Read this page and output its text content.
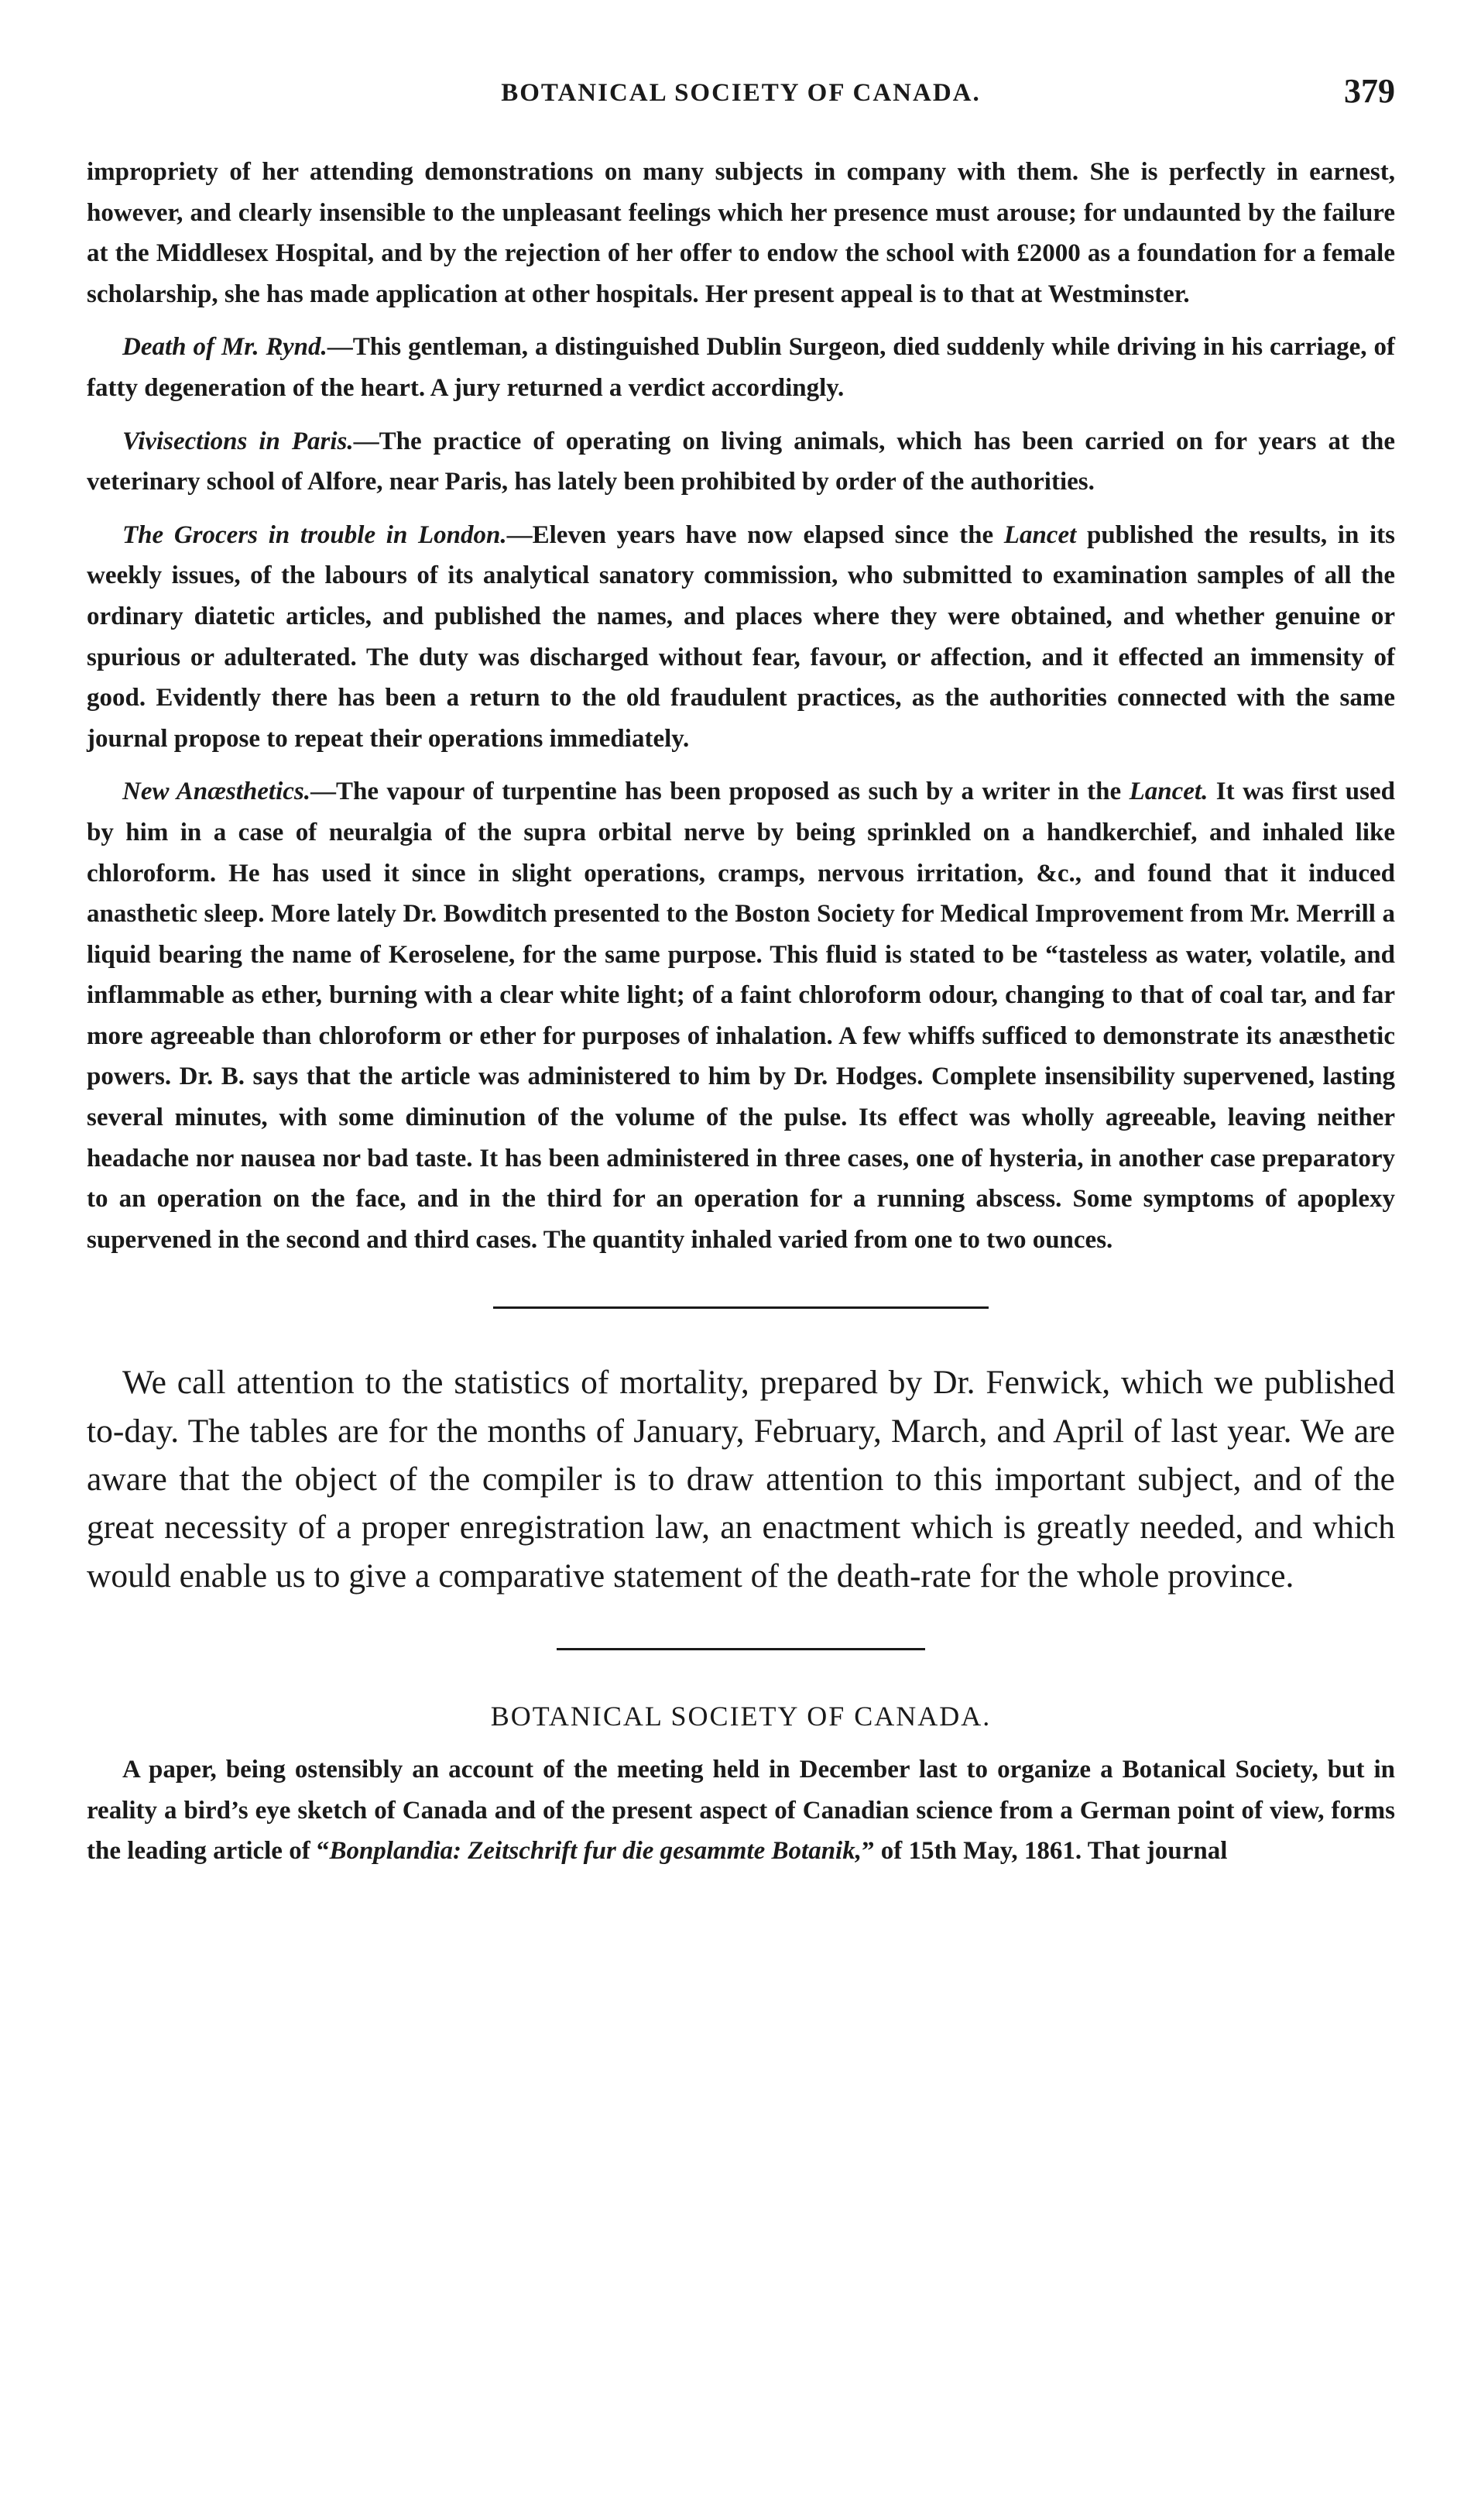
BOTANICAL SOCIETY OF CANADA.	379

impropriety of her attending demonstrations on many subjects in company with them. She is perfectly in earnest, however, and clearly insensible to the unpleasant feelings which her presence must arouse; for undaunted by the failure at the Middlesex Hospital, and by the rejection of her offer to endow the school with £2000 as a foundation for a female scholarship, she has made application at other hospitals. Her present appeal is to that at Westminster.

Death of Mr. Rynd.—This gentleman, a distinguished Dublin Surgeon, died suddenly while driving in his carriage, of fatty degeneration of the heart. A jury returned a verdict accordingly.

Vivisections in Paris.—The practice of operating on living animals, which has been carried on for years at the veterinary school of Alfore, near Paris, has lately been prohibited by order of the authorities.

The Grocers in trouble in London.—Eleven years have now elapsed since the Lancet published the results, in its weekly issues, of the labours of its analytical sanatory commission, who submitted to examination samples of all the ordinary diatetic articles, and published the names, and places where they were obtained, and whether genuine or spurious or adulterated. The duty was discharged without fear, favour, or affection, and it effected an immensity of good. Evidently there has been a return to the old fraudulent practices, as the authorities connected with the same journal propose to repeat their operations immediately.

New Anæsthetics.—The vapour of turpentine has been proposed as such by a writer in the Lancet. It was first used by him in a case of neuralgia of the supra orbital nerve by being sprinkled on a handkerchief, and inhaled like chloroform. He has used it since in slight operations, cramps, nervous irritation, &c., and found that it induced anasthetic sleep. More lately Dr. Bowditch presented to the Boston Society for Medical Improvement from Mr. Merrill a liquid bearing the name of Keroselene, for the same purpose. This fluid is stated to be “tasteless as water, volatile, and inflammable as ether, burning with a clear white light; of a faint chloroform odour, changing to that of coal tar, and far more agreeable than chloroform or ether for purposes of inhalation. A few whiffs sufficed to demonstrate its anæsthetic powers. Dr. B. says that the article was administered to him by Dr. Hodges. Complete insensibility supervened, lasting several minutes, with some diminution of the volume of the pulse. Its effect was wholly agreeable, leaving neither headache nor nausea nor bad taste. It has been administered in three cases, one of hysteria, in another case preparatory to an operation on the face, and in the third for an operation for a running abscess. Some symptoms of apoplexy supervened in the second and third cases. The quantity inhaled varied from one to two ounces.

We call attention to the statistics of mortality, prepared by Dr. Fenwick, which we published to-day. The tables are for the months of January, February, March, and April of last year. We are aware that the object of the compiler is to draw attention to this important subject, and of the great necessity of a proper enregistration law, an enactment which is greatly needed, and which would enable us to give a comparative statement of the death-rate for the whole province.

BOTANICAL SOCIETY OF CANADA.

A paper, being ostensibly an account of the meeting held in December last to organize a Botanical Society, but in reality a bird’s eye sketch of Canada and of the present aspect of Canadian science from a German point of view, forms the leading article of “Bonplandia: Zeitschrift fur die gesammte Botanik,” of 15th May, 1861. That journal
